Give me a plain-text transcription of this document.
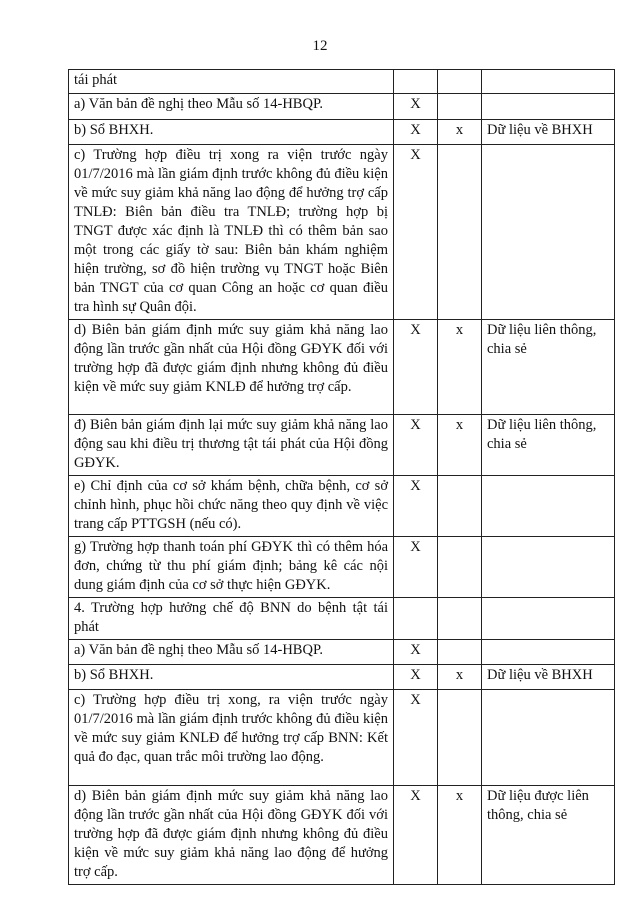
12
tái phát			
a) Văn bản đề nghị theo Mẫu số 14-HBQP.	X		
b) Sổ BHXH.	X	x	Dữ liệu về BHXH
c) Trường hợp điều trị xong ra viện trước ngày 01/7/2016 mà lần giám định trước không đủ điều kiện về mức suy giảm khả năng lao động để hưởng trợ cấp TNLĐ: Biên bản điều tra TNLĐ; trường hợp bị TNGT được xác định là TNLĐ thì có thêm bản sao một trong các giấy tờ sau: Biên bản khám nghiệm hiện trường, sơ đồ hiện trường vụ TNGT hoặc Biên bản TNGT của cơ quan Công an hoặc cơ quan điều tra hình sự Quân đội.	X		
d) Biên bản giám định mức suy giảm khả năng lao động lần trước gần nhất của Hội đồng GĐYK đối với trường hợp đã được giám định nhưng không đủ điều kiện về mức suy giảm KNLĐ để hưởng trợ cấp.	X	x	Dữ liệu liên thông, chia sẻ
đ) Biên bản giám định lại mức suy giảm khả năng lao động sau khi điều trị thương tật tái phát của Hội đồng GĐYK.	X	x	Dữ liệu liên thông, chia sẻ
e) Chỉ định của cơ sở khám bệnh, chữa bệnh, cơ sở chỉnh hình, phục hồi chức năng theo quy định về việc trang cấp PTTGSH (nếu có).	X		
g) Trường hợp thanh toán phí GĐYK thì có thêm hóa đơn, chứng từ thu phí giám định; bảng kê các nội dung giám định của cơ sở thực hiện GĐYK.	X		
4. Trường hợp hưởng chế độ BNN do bệnh tật tái phát			
a) Văn bản đề nghị theo Mẫu số 14-HBQP.	X		
b) Sổ BHXH.	X	x	Dữ liệu về BHXH
c) Trường hợp điều trị xong, ra viện trước ngày 01/7/2016 mà lần giám định trước không đủ điều kiện về mức suy giảm KNLĐ để hưởng trợ cấp BNN: Kết quả đo đạc, quan trắc môi trường lao động.	X		
d) Biên bản giám định mức suy giảm khả năng lao động lần trước gần nhất của Hội đồng GĐYK đối với trường hợp đã được giám định nhưng không đủ điều kiện về mức suy giảm khả năng lao động để hưởng trợ cấp.	X	x	Dữ liệu được liên thông, chia sẻ
